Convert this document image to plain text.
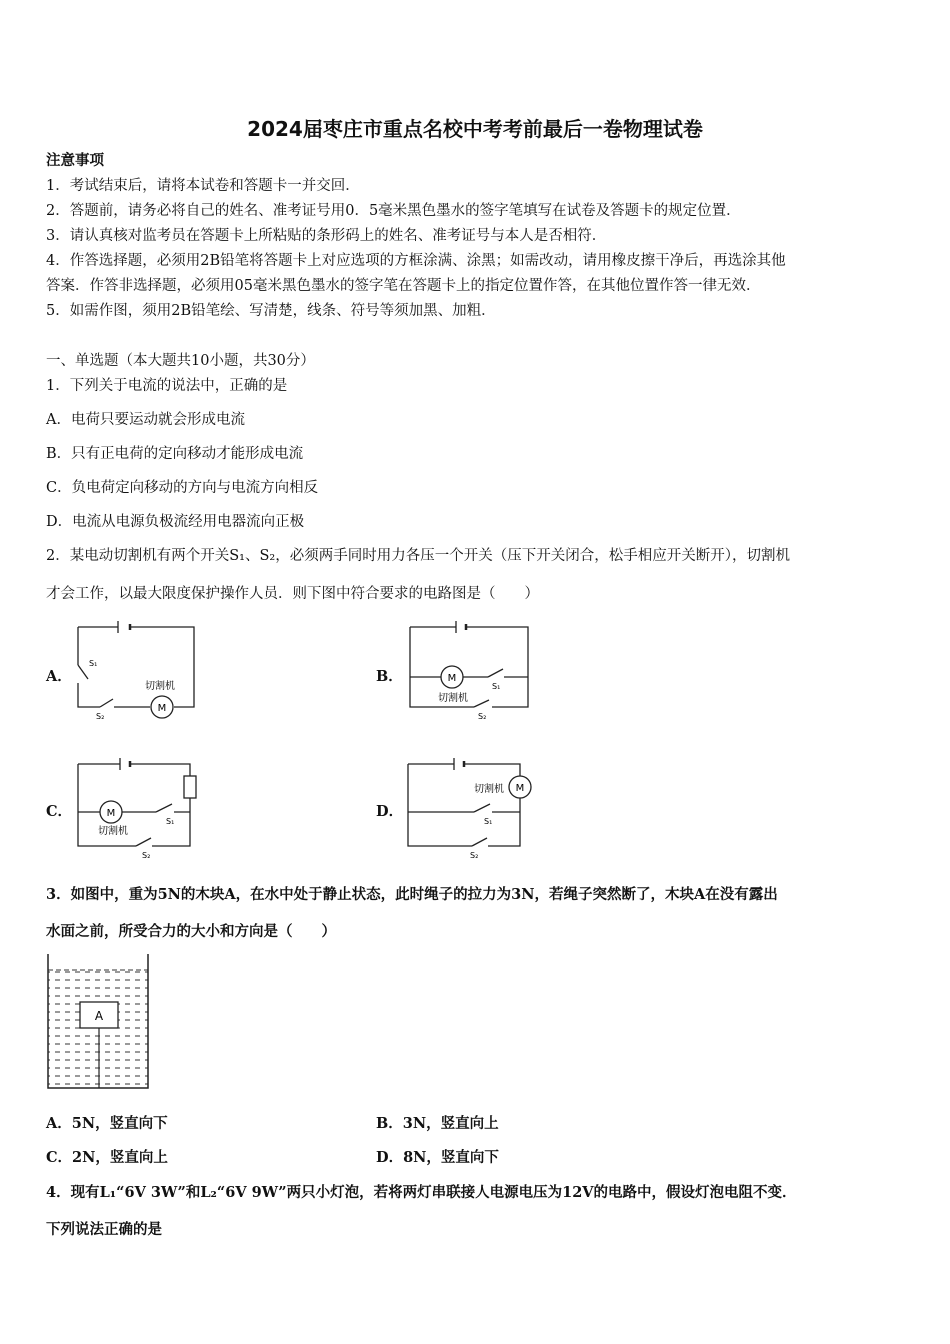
2024届枣庄市重点名校中考考前最后一卷物理试卷
注意事项
1．考试结束后，请将本试卷和答题卡一并交回．
2．答题前，请务必将自己的姓名、准考证号用0．5毫米黑色墨水的签字笔填写在试卷及答题卡的规定位置．
3．请认真核对监考员在答题卡上所粘贴的条形码上的姓名、准考证号与本人是否相符．
4．作答选择题，必须用2B铅笔将答题卡上对应选项的方框涂满、涂黑；如需改动，请用橡皮擦干净后，再选涂其他
答案．作答非选择题，必须用05毫米黑色墨水的签字笔在答题卡上的指定位置作答，在其他位置作答一律无效．
5．如需作图，须用2B铅笔绘、写清楚，线条、符号等须加黑、加粗．
一、单选题（本大题共10小题，共30分）
1．下列关于电流的说法中，正确的是
A．电荷只要运动就会形成电流
B．只有正电荷的定向移动才能形成电流
C．负电荷定向移动的方向与电流方向相反
D．电流从电源负极流经用电器流向正极
2．某电动切割机有两个开关S₁、S₂，必须两手同时用力各压一个开关（压下开关闭合，松手相应开关断开），切割机
才会工作，以最大限度保护操作人员．则下图中符合要求的电路图是（　　）
A．	B．
C．	D．
S₁
S₂
M
切割机
M
切割机
S₁
S₂
M
切割机
S₁
S₂
M
切割机
S₁
S₂
3．如图中，重为5N的木块A，在水中处于静止状态，此时绳子的拉力为3N，若绳子突然断了，木块A在没有露出
水面之前，所受合力的大小和方向是（　　）
A
A．5N，竖直向下	B．3N，竖直向上
C．2N，竖直向上	D．8N，竖直向下
4．现有L₁“6V 3W”和L₂“6V 9W”两只小灯泡，若将两灯串联接人电源电压为12V的电路中，假设灯泡电阻不变．
下列说法正确的是
